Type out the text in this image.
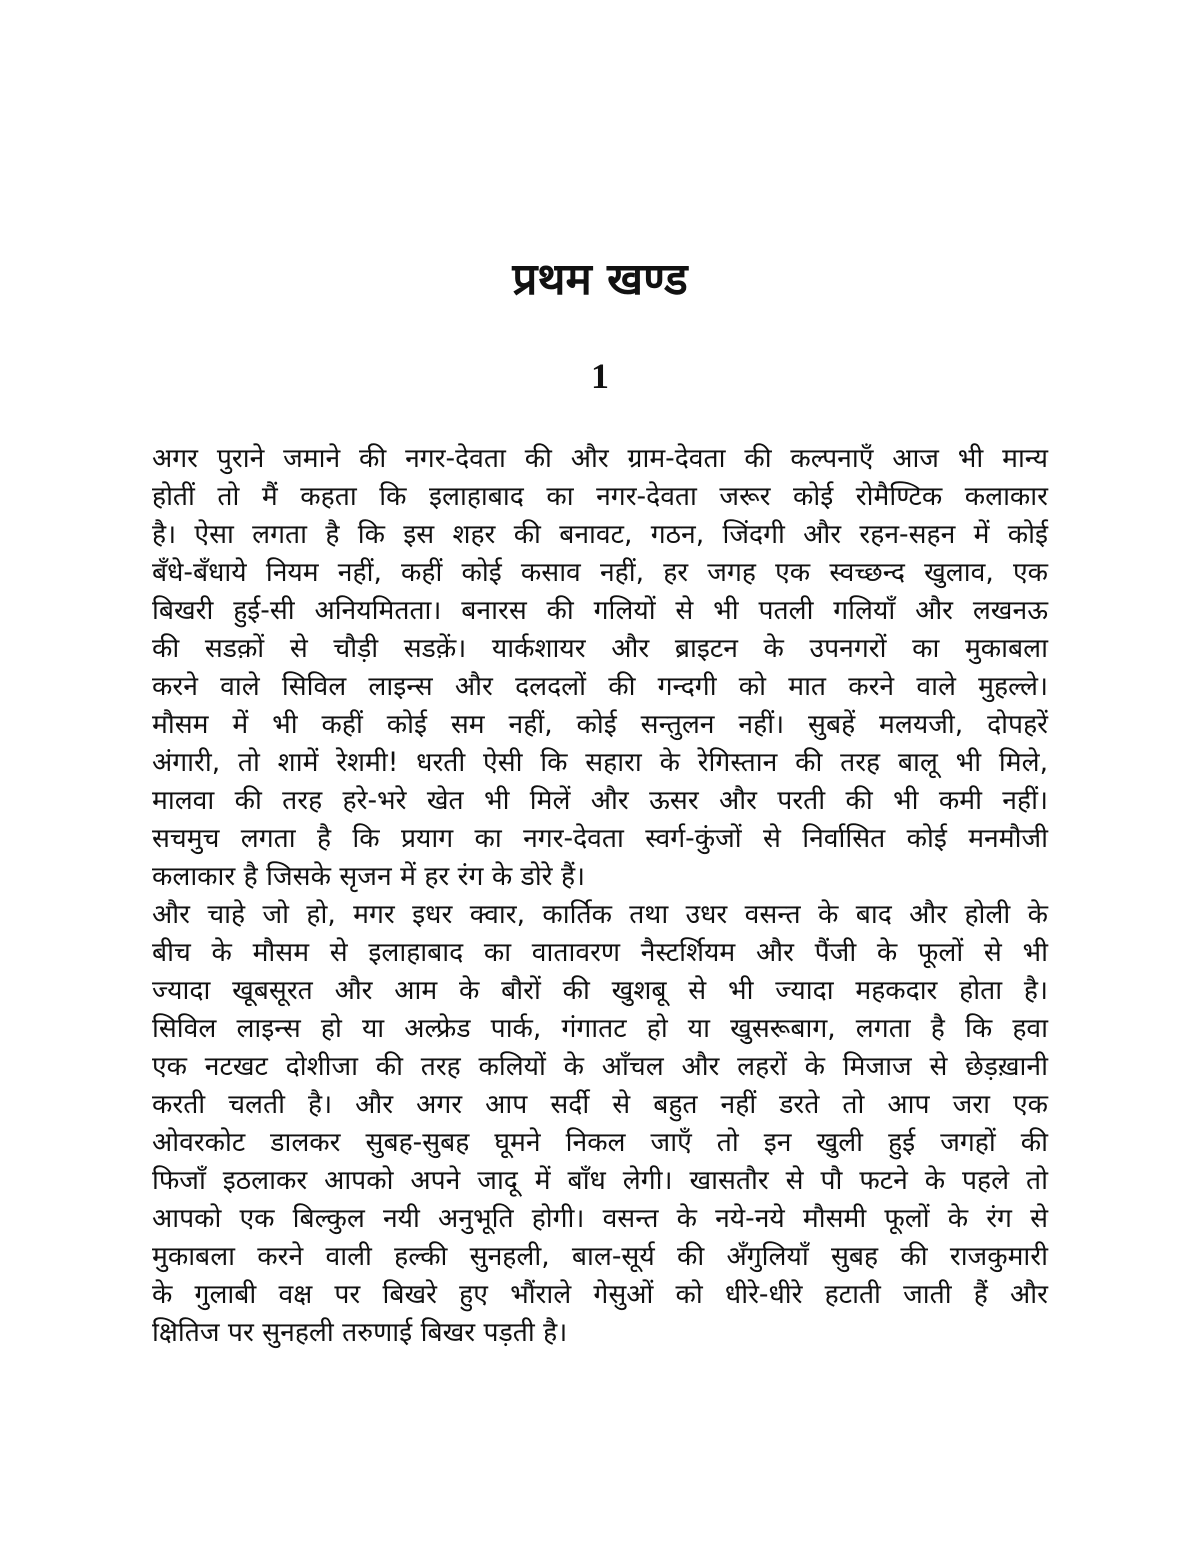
प्रथम खण्ड
1

अगर पुराने जमाने की नगर-देवता की और ग्राम-देवता की कल्पनाएँ आज भी मान्य
होतीं तो मैं कहता कि इलाहाबाद का नगर-देवता जरूर कोई रोमैण्टिक कलाकार
है। ऐसा लगता है कि इस शहर की बनावट, गठन, जिंदगी और रहन-सहन में कोई
बँधे-बँधाये नियम नहीं, कहीं कोई कसाव नहीं, हर जगह एक स्वच्छन्द खुलाव, एक
बिखरी हुई-सी अनियमितता। बनारस की गलियों से भी पतली गलियाँ और लखनऊ
की सडक़ों से चौड़ी सडक़ें। यार्कशायर और ब्राइटन के उपनगरों का मुकाबला
करने वाले सिविल लाइन्स और दलदलों की गन्दगी को मात करने वाले मुहल्ले।
मौसम में भी कहीं कोई सम नहीं, कोई सन्तुलन नहीं। सुबहें मलयजी, दोपहरें
अंगारी, तो शामें रेशमी! धरती ऐसी कि सहारा के रेगिस्तान की तरह बालू भी मिले,
मालवा की तरह हरे-भरे खेत भी मिलें और ऊसर और परती की भी कमी नहीं।
सचमुच लगता है कि प्रयाग का नगर-देवता स्वर्ग-कुंजों से निर्वासित कोई मनमौजी
कलाकार है जिसके सृजन में हर रंग के डोरे हैं।

और चाहे जो हो, मगर इधर क्वार, कार्तिक तथा उधर वसन्त के बाद और होली के
बीच के मौसम से इलाहाबाद का वातावरण नैस्टर्शियम और पैंजी के फूलों से भी
ज्यादा खूबसूरत और आम के बौरों की खुशबू से भी ज्यादा महकदार होता है।
सिविल लाइन्स हो या अल्फ्रेड पार्क, गंगातट हो या खुसरूबाग, लगता है कि हवा
एक नटखट दोशीजा की तरह कलियों के आँचल और लहरों के मिजाज से छेड़ख़ानी
करती चलती है। और अगर आप सर्दी से बहुत नहीं डरते तो आप जरा एक
ओवरकोट डालकर सुबह-सुबह घूमने निकल जाएँ तो इन खुली हुई जगहों की
फिजाँ इठलाकर आपको अपने जादू में बाँध लेगी। खासतौर से पौ फटने के पहले तो
आपको एक बिल्कुल नयी अनुभूति होगी। वसन्त के नये-नये मौसमी फूलों के रंग से
मुकाबला करने वाली हल्की सुनहली, बाल-सूर्य की अँगुलियाँ सुबह की राजकुमारी
के गुलाबी वक्ष पर बिखरे हुए भौंराले गेसुओं को धीरे-धीरे हटाती जाती हैं और
क्षितिज पर सुनहली तरुणाई बिखर पड़ती है।
